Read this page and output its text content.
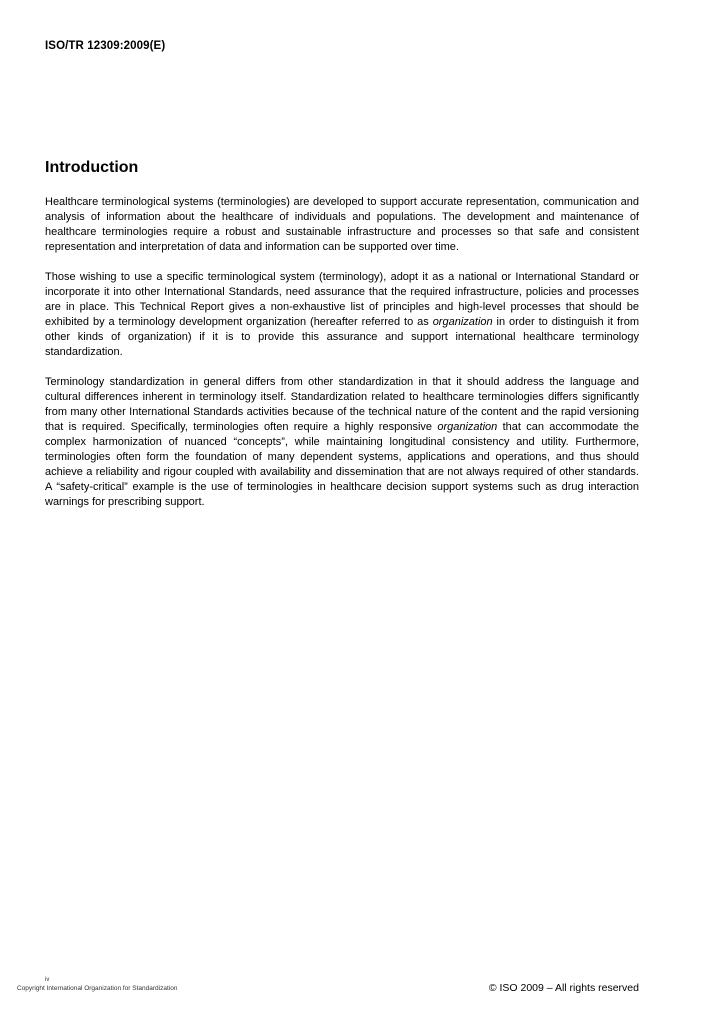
ISO/TR 12309:2009(E)
Introduction

Healthcare terminological systems (terminologies) are developed to support accurate representation, communication and analysis of information about the healthcare of individuals and populations. The development and maintenance of healthcare terminologies require a robust and sustainable infrastructure and processes so that safe and consistent representation and interpretation of data and information can be supported over time.

Those wishing to use a specific terminological system (terminology), adopt it as a national or International Standard or incorporate it into other International Standards, need assurance that the required infrastructure, policies and processes are in place. This Technical Report gives a non-exhaustive list of principles and high-level processes that should be exhibited by a terminology development organization (hereafter referred to as organization in order to distinguish it from other kinds of organization) if it is to provide this assurance and support international healthcare terminology standardization.

Terminology standardization in general differs from other standardization in that it should address the language and cultural differences inherent in terminology itself. Standardization related to healthcare terminologies differs significantly from many other International Standards activities because of the technical nature of the content and the rapid versioning that is required. Specifically, terminologies often require a highly responsive organization that can accommodate the complex harmonization of nuanced “concepts”, while maintaining longitudinal consistency and utility. Furthermore, terminologies often form the foundation of many dependent systems, applications and operations, and thus should achieve a reliability and rigour coupled with availability and dissemination that are not always required of other standards. A “safety-critical” example is the use of terminologies in healthcare decision support systems such as drug interaction warnings for prescribing support.

iv
Copyright International Organization for Standardization	© ISO 2009 – All rights reserved
